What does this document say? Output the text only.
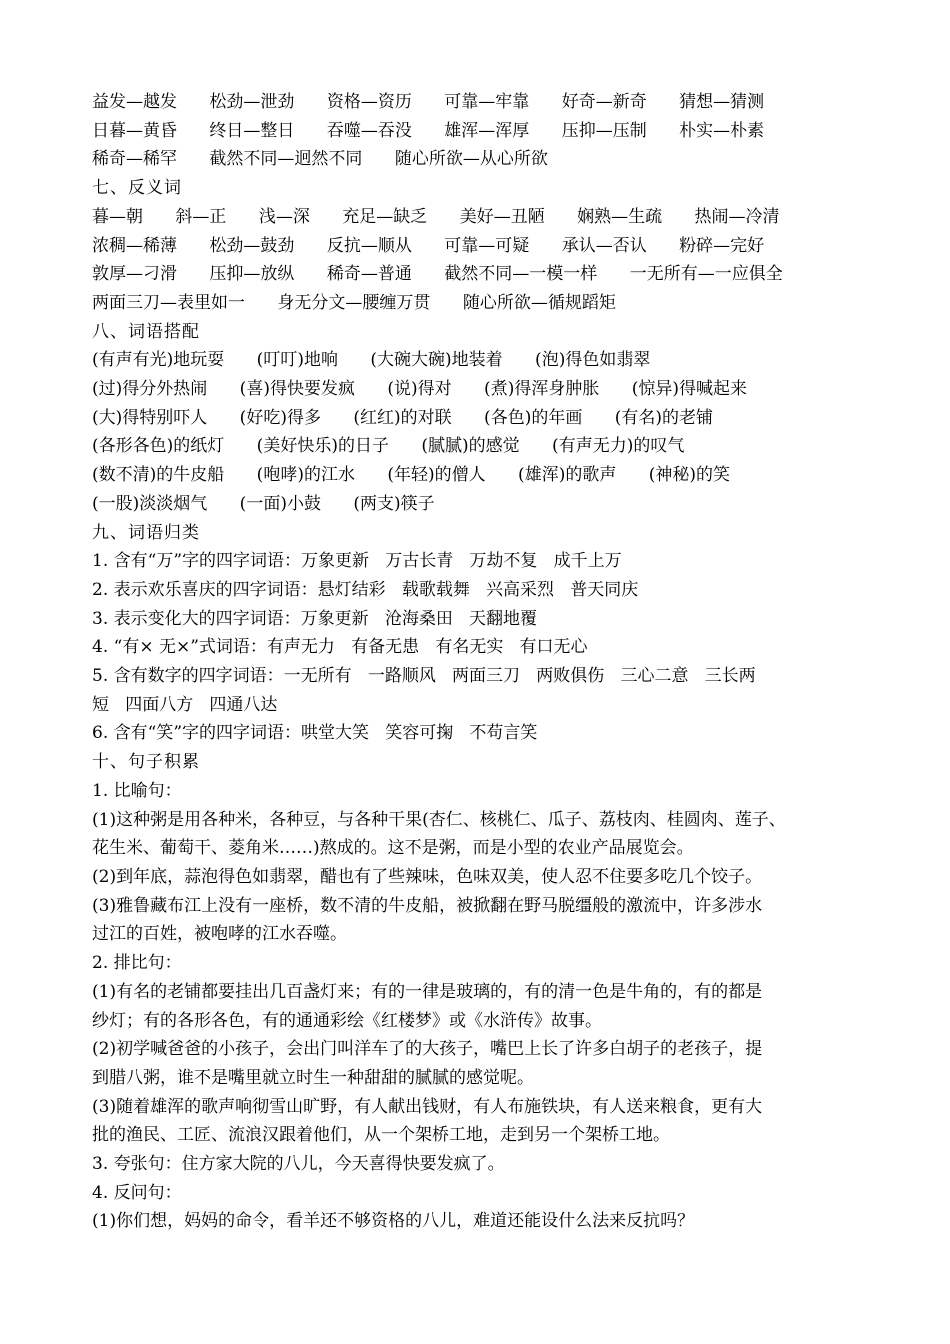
益发—越发      松劲—泄劲      资格—资历      可靠—牢靠      好奇—新奇      猜想—猜测
日暮—黄昏      终日—整日      吞噬—吞没      雄浑—浑厚      压抑—压制      朴实—朴素
稀奇—稀罕      截然不同—迥然不同      随心所欲—从心所欲
七、反义词
暮—朝      斜—正      浅—深      充足—缺乏      美好—丑陋      娴熟—生疏      热闹—冷清
浓稠—稀薄      松劲—鼓劲      反抗—顺从      可靠—可疑      承认—否认      粉碎—完好
敦厚—刁滑      压抑—放纵      稀奇—普通      截然不同—一模一样      一无所有—一应俱全
两面三刀—表里如一      身无分文—腰缠万贯      随心所欲—循规蹈矩
八、词语搭配
(有声有光)地玩耍      (叮叮)地响      (大碗大碗)地装着      (泡)得色如翡翠
(过)得分外热闹      (喜)得快要发疯      (说)得对      (煮)得浑身肿胀      (惊异)得喊起来
(大)得特别吓人      (好吃)得多      (红红)的对联      (各色)的年画      (有名)的老铺
(各形各色)的纸灯      (美好快乐)的日子      (腻腻)的感觉      (有声无力)的叹气
(数不清)的牛皮船      (咆哮)的江水      (年轻)的僧人      (雄浑)的歌声      (神秘)的笑
(一股)淡淡烟气      (一面)小鼓      (两支)筷子
九、词语归类
1. 含有“万”字的四字词语：万象更新   万古长青   万劫不复   成千上万
2. 表示欢乐喜庆的四字词语：悬灯结彩   载歌载舞   兴高采烈   普天同庆
3. 表示变化大的四字词语：万象更新   沧海桑田   天翻地覆
4. “有× 无×”式词语：有声无力   有备无患   有名无实   有口无心
5. 含有数字的四字词语：一无所有   一路顺风   两面三刀   两败俱伤   三心二意   三长两
短   四面八方   四通八达
6. 含有“笑”字的四字词语：哄堂大笑   笑容可掬   不苟言笑
十、句子积累
1. 比喻句：
(1)这种粥是用各种米，各种豆，与各种干果(杏仁、核桃仁、瓜子、荔枝肉、桂圆肉、莲子、
花生米、葡萄干、菱角米……)熬成的。这不是粥，而是小型的农业产品展览会。
(2)到年底，蒜泡得色如翡翠，醋也有了些辣味，色味双美，使人忍不住要多吃几个饺子。
(3)雅鲁藏布江上没有一座桥，数不清的牛皮船，被掀翻在野马脱缰般的激流中，许多涉水
过江的百姓，被咆哮的江水吞噬。
2. 排比句：
(1)有名的老铺都要挂出几百盏灯来；有的一律是玻璃的，有的清一色是牛角的，有的都是
纱灯；有的各形各色，有的通通彩绘《红楼梦》或《水浒传》故事。
(2)初学喊爸爸的小孩子，会出门叫洋车了的大孩子，嘴巴上长了许多白胡子的老孩子，提
到腊八粥，谁不是嘴里就立时生一种甜甜的腻腻的感觉呢。
(3)随着雄浑的歌声响彻雪山旷野，有人献出钱财，有人布施铁块，有人送来粮食，更有大
批的渔民、工匠、流浪汉跟着他们，从一个架桥工地，走到另一个架桥工地。
3. 夸张句：住方家大院的八儿，今天喜得快要发疯了。
4. 反问句：
(1)你们想，妈妈的命令，看羊还不够资格的八儿，难道还能设什么法来反抗吗？
